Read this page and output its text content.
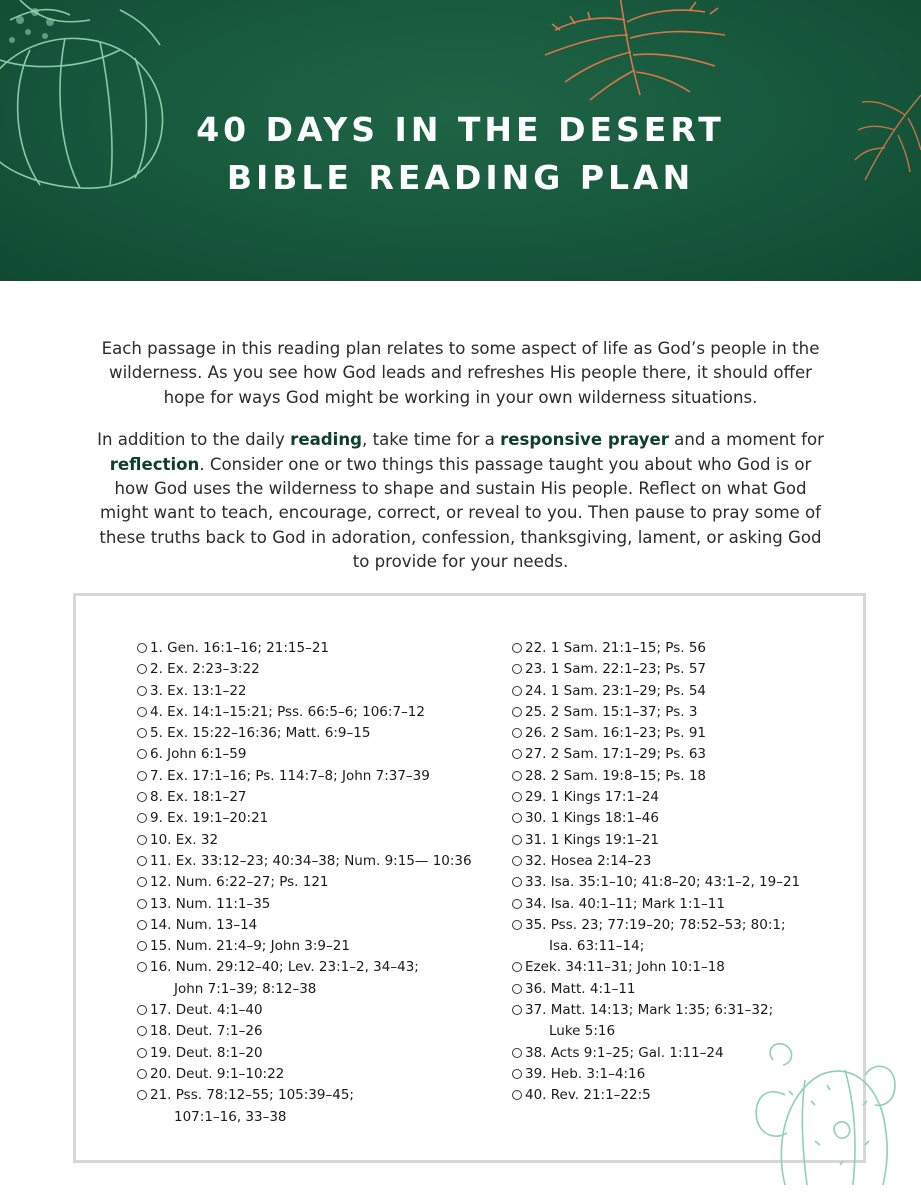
40 DAYS IN THE DESERT
BIBLE READING PLAN

Each passage in this reading plan relates to some aspect of life as God’s people in the wilderness. As you see how God leads and refreshes His people there, it should offer hope for ways God might be working in your own wilderness situations.

In addition to the daily reading, take time for a responsive prayer and a moment for reflection. Consider one or two things this passage taught you about who God is or how God uses the wilderness to shape and sustain His people. Reflect on what God might want to teach, encourage, correct, or reveal to you. Then pause to pray some of these truths back to God in adoration, confession, thanksgiving, lament, or asking God to provide for your needs.

1. Gen. 16:1–16; 21:15–21
2. Ex. 2:23–3:22
3. Ex. 13:1–22
4. Ex. 14:1–15:21; Pss. 66:5–6; 106:7–12
5. Ex. 15:22–16:36; Matt. 6:9–15
6. John 6:1–59
7. Ex. 17:1–16; Ps. 114:7–8; John 7:37–39
8. Ex. 18:1–27
9. Ex. 19:1–20:21
10. Ex. 32
11. Ex. 33:12–23; 40:34–38; Num. 9:15— 10:36
12. Num. 6:22–27; Ps. 121
13. Num. 11:1–35
14. Num. 13–14
15. Num. 21:4–9; John 3:9–21
16. Num. 29:12–40; Lev. 23:1–2, 34–43;
John 7:1–39; 8:12–38
17. Deut. 4:1–40
18. Deut. 7:1–26
19. Deut. 8:1–20
20. Deut. 9:1–10:22
21. Pss. 78:12–55; 105:39–45;
107:1–16, 33–38
22. 1 Sam. 21:1–15; Ps. 56
23. 1 Sam. 22:1–23; Ps. 57
24. 1 Sam. 23:1–29; Ps. 54
25. 2 Sam. 15:1–37; Ps. 3
26. 2 Sam. 16:1–23; Ps. 91
27. 2 Sam. 17:1–29; Ps. 63
28. 2 Sam. 19:8–15; Ps. 18
29. 1 Kings 17:1–24
30. 1 Kings 18:1–46
31. 1 Kings 19:1–21
32. Hosea 2:14–23
33. Isa. 35:1–10; 41:8–20; 43:1–2, 19–21
34. Isa. 40:1–11; Mark 1:1–11
35. Pss. 23; 77:19–20; 78:52–53; 80:1;
Isa. 63:11–14;
Ezek. 34:11–31; John 10:1–18
36. Matt. 4:1–11
37. Matt. 14:13; Mark 1:35; 6:31–32;
Luke 5:16
38. Acts 9:1–25; Gal. 1:11–24
39. Heb. 3:1–4:16
40. Rev. 21:1–22:5
